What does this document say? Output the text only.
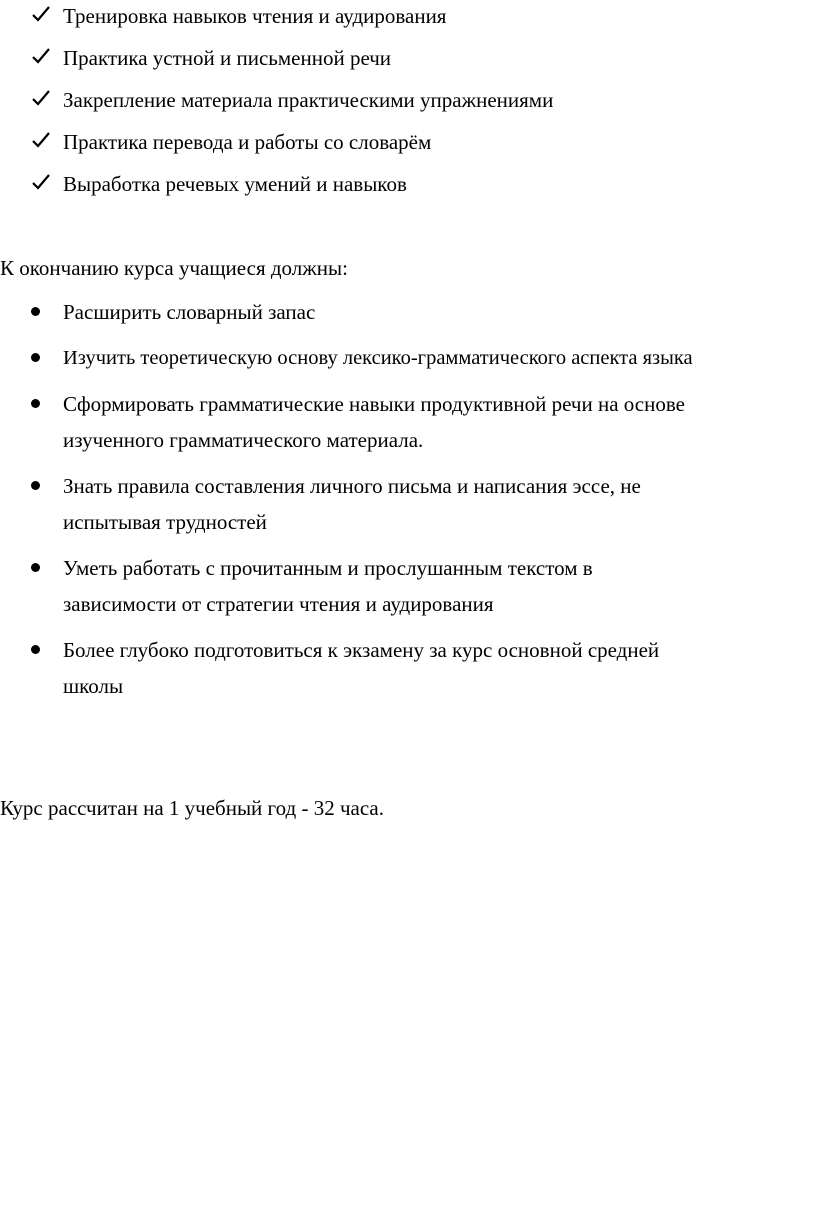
Тренировка навыков чтения и аудирования
Практика устной и письменной речи
Закрепление материала практическими упражнениями
Практика перевода и работы со словарём
Выработка речевых умений и навыков

К окончанию курса учащиеся должны:

Расширить словарный запас
Изучить теоретическую основу лексико-грамматического аспекта языка
Сформировать грамматические навыки продуктивной речи на основе
изученного грамматического материала.
Знать правила составления личного письма и написания эссе, не
испытывая трудностей
Уметь работать с прочитанным и прослушанным текстом в
зависимости от стратегии чтения и аудирования
Более глубоко подготовиться к экзамену за курс основной средней
школы

Курс рассчитан на 1 учебный год - 32 часа.
